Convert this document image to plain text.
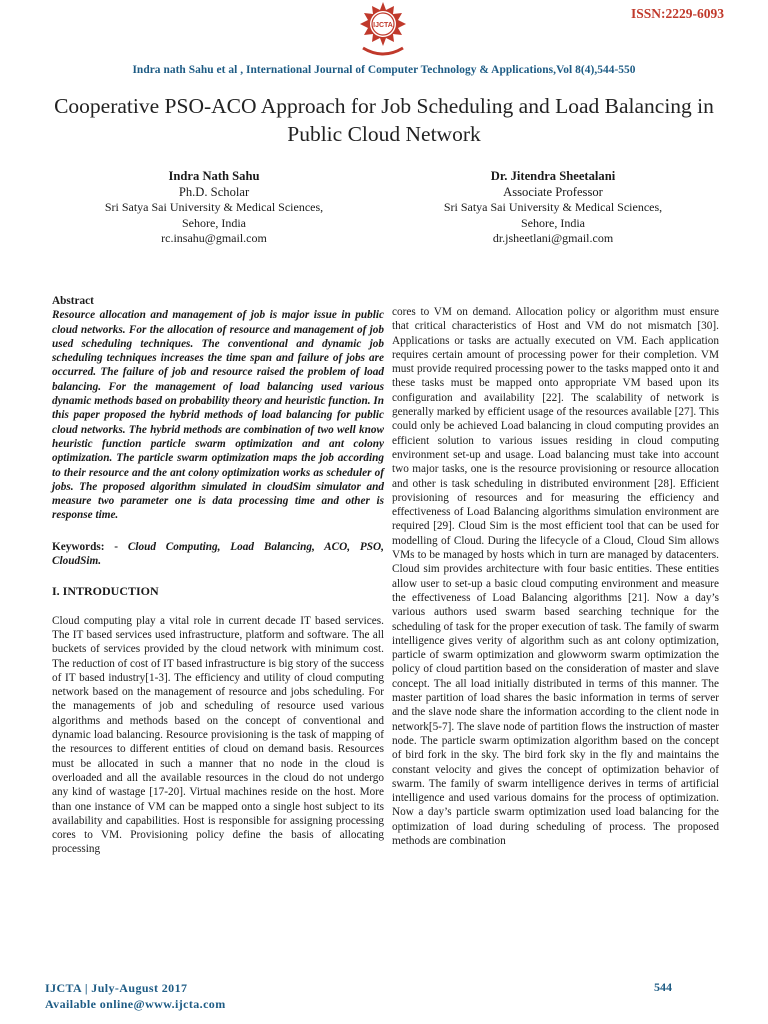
IJCTA
ISSN:2229-6093
Indra nath Sahu et al , International Journal of Computer Technology & Applications,Vol 8(4),544-550
Cooperative PSO-ACO Approach for Job Scheduling and Load Balancing in Public Cloud Network
Indra Nath Sahu
Ph.D. Scholar
Sri Satya Sai University & Medical Sciences,
Sehore, India
rc.insahu@gmail.com
Dr. Jitendra Sheetalani
Associate Professor
Sri Satya Sai University & Medical Sciences,
Sehore, India
dr.jsheetlani@gmail.com

Abstract

Resource allocation and management of job is major issue in public cloud networks. For the allocation of resource and management of job used scheduling techniques. The conventional and dynamic job scheduling techniques increases the time span and failure of jobs are occurred. The failure of job and resource raised the problem of load balancing. For the management of load balancing used various dynamic methods based on probability theory and heuristic function. In this paper proposed the hybrid methods of load balancing for public cloud networks. The hybrid methods are combination of two well know heuristic function particle swarm optimization and ant colony optimization. The particle swarm optimization maps the job according to their resource and the ant colony optimization works as scheduler of jobs. The proposed algorithm simulated in cloudSim simulator and measure two parameter one is data processing time and other is response time.

Keywords: - Cloud Computing, Load Balancing, ACO, PSO, CloudSim.

I. INTRODUCTION

Cloud computing play a vital role in current decade IT based services. The IT based services used infrastructure, platform and software. The all buckets of services provided by the cloud network with minimum cost. The reduction of cost of IT based infrastructure is big story of the success of IT based industry[1-3]. The efficiency and utility of cloud computing network based on the management of resource and jobs scheduling. For the managements of job and scheduling of resource used various algorithms and methods based on the concept of conventional and dynamic load balancing. Resource provisioning is the task of mapping of the resources to different entities of cloud on demand basis. Resources must be allocated in such a manner that no node in the cloud is overloaded and all the available resources in the cloud do not undergo any kind of wastage [17-20]. Virtual machines reside on the host. More than one instance of VM can be mapped onto a single host subject to its availability and capabilities. Host is responsible for assigning processing cores to VM. Provisioning policy define the basis of allocating processing

cores to VM on demand. Allocation policy or algorithm must ensure that critical characteristics of Host and VM do not mismatch [30]. Applications or tasks are actually executed on VM. Each application requires certain amount of processing power for their completion. VM must provide required processing power to the tasks mapped onto it and these tasks must be mapped onto appropriate VM based upon its configuration and availability [22]. The scalability of network is generally marked by efficient usage of the resources available [27]. This could only be achieved Load balancing in cloud computing provides an efficient solution to various issues residing in cloud computing environment set-up and usage. Load balancing must take into account two major tasks, one is the resource provisioning or resource allocation and other is task scheduling in distributed environment [28]. Efficient provisioning of resources and for measuring the efficiency and effectiveness of Load Balancing algorithms simulation environment are required [29]. Cloud Sim is the most efficient tool that can be used for modelling of Cloud. During the lifecycle of a Cloud, Cloud Sim allows VMs to be managed by hosts which in turn are managed by datacenters. Cloud sim provides architecture with four basic entities. These entities allow user to set-up a basic cloud computing environment and measure the effectiveness of Load Balancing algorithms [21]. Now a day’s various authors used swarm based searching technique for the scheduling of task for the proper execution of task. The family of swarm intelligence gives verity of algorithm such as ant colony optimization, particle of swarm optimization and glowworm swarm optimization the policy of cloud partition based on the consideration of master and slave concept. The all load initially distributed in terms of this manner. The master partition of load shares the basic information in terms of server and the slave node share the information according to the client node in network[5-7]. The slave node of partition flows the instruction of master node. The particle swarm optimization algorithm based on the concept of bird fork in the sky. The bird fork sky in the fly and maintains the constant velocity and gives the concept of optimization behavior of swarm. The family of swarm intelligence derives in terms of artificial intelligence and used various domains for the process of optimization. Now a day’s particle swarm optimization used load balancing for the optimization of load during scheduling of process. The proposed methods are combination

IJCTA | July-August 2017
Available online@www.ijcta.com
544
